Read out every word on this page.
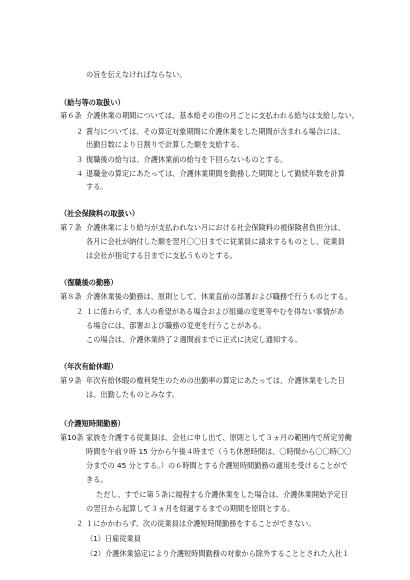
の旨を伝えなければならない。
（給与等の取扱い）
第６条 介護休業の期間については、基本給その他の月ごとに支払われる給与は支給しない。
２ 賞与については、その算定対象期間に介護休業をした期間が含まれる場合には、
出勤日数により日割りで計算した額を支給する。
３ 復職後の給与は、介護休業前の給与を下回らないものとする。
４ 退職金の算定にあたっては、介護休業期間を勤務した期間として勤続年数を計算
する。
（社会保険料の取扱い）
第７条 介護休業により給与が支払われない月における社会保険料の被保険者負担分は、
各月に会社が納付した額を翌月〇〇日までに従業員に請求するものとし、従業員
は会社が指定する日までに支払うものとする。
（復職後の勤務）
第８条 介護休業後の勤務は、原則として、休業直前の部署および職務で行うものとする。
２ １に係わらず、本人の希望がある場合および組織の変更等やむを得ない事情があ
る場合には、部署および職務の変更を行うことがある。
この場合は、介護休業終了２週間前までに正式に決定し通知する。
（年次有給休暇）
第９条 年次有給休暇の権利発生のための出勤率の算定にあたっては、介護休業をした日
は、出勤したものとみなす。
（介護短時間勤務）
第10条 家族を介護する従業員は、会社に申し出て、原則として３ヵ月の範囲内で所定労働
時間を午前９時 15 分から午後４時まで（うち休憩時間は、〇時間から〇〇時〇〇
分までの 45 分とする。）の６時間とする介護短時間勤務の適用を受けることがで
きる。
ただし、すでに第５条に規程する介護休業をした場合は、介護休業開始予定日
の翌日から起算して３ヵ月を経過するまでの期間を原則とする。
２ １にかかわらず、次の従業員は介護短時間勤務をすることができない。
（1）日雇従業員
（2）介護休業協定により介護短時間勤務の対象から除外することとされた入社１
